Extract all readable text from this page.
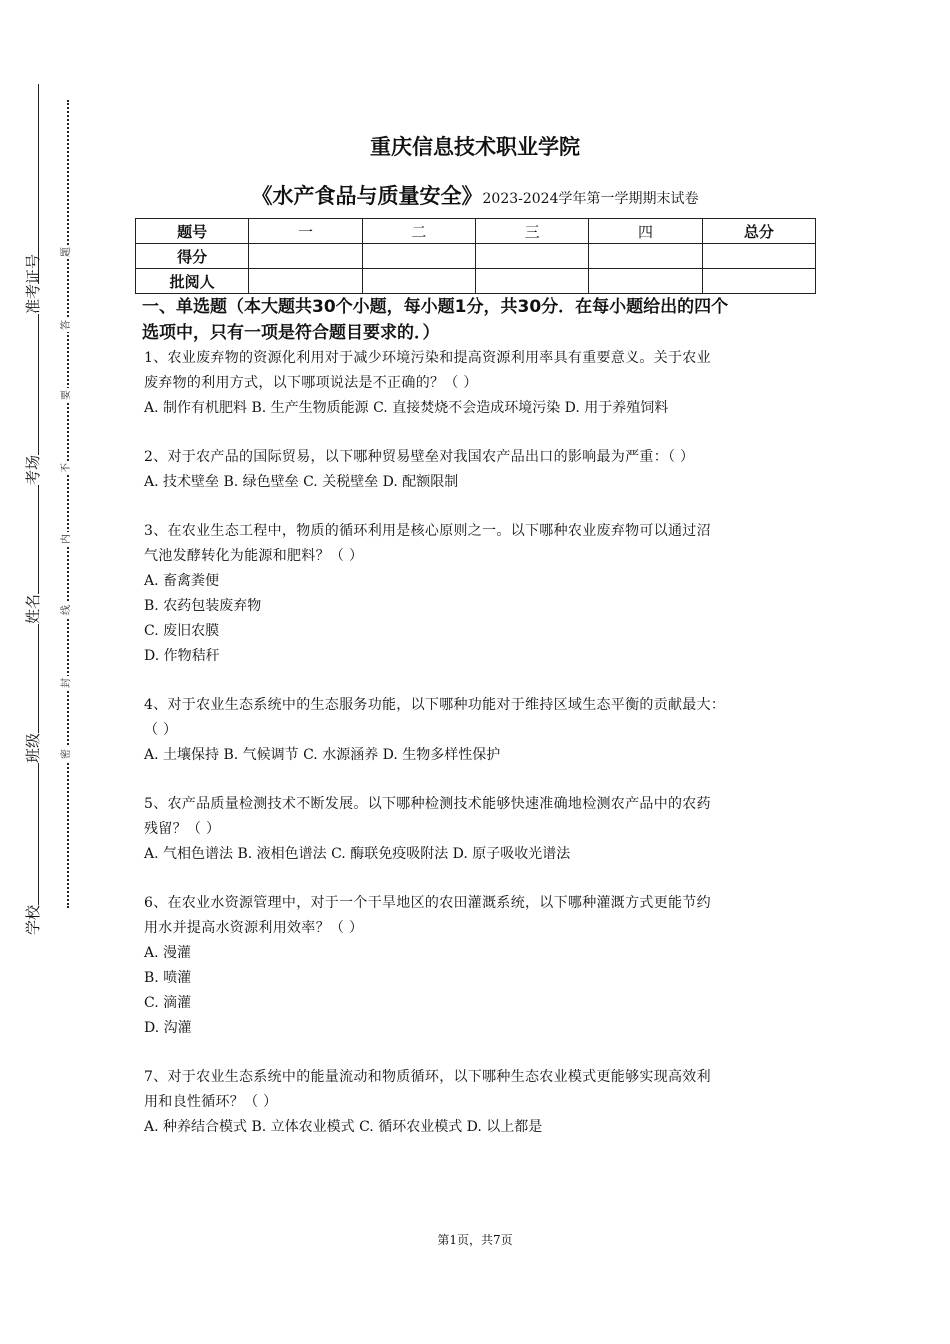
准考证号
考场
姓名
班级
学校
题
答
要
不
内
线
封
密
重庆信息技术职业学院
《水产食品与质量安全》2023-2024学年第一学期期末试卷
题号	一	二	三	四	总分
得分					
批阅人					
一、单选题（本大题共30个小题，每小题1分，共30分．在每小题给出的四个
选项中，只有一项是符合题目要求的．）
1、农业废弃物的资源化利用对于减少环境污染和提高资源利用率具有重要意义。关于农业
废弃物的利用方式，以下哪项说法是不正确的？（ ）
A. 制作有机肥料 B. 生产生物质能源 C. 直接焚烧不会造成环境污染 D. 用于养殖饲料
2、对于农产品的国际贸易，以下哪种贸易壁垒对我国农产品出口的影响最为严重：（ ）
A. 技术壁垒 B. 绿色壁垒 C. 关税壁垒 D. 配额限制
3、在农业生态工程中，物质的循环利用是核心原则之一。以下哪种农业废弃物可以通过沼
气池发酵转化为能源和肥料？（ ）
A. 畜禽粪便
B. 农药包装废弃物
C. 废旧农膜
D. 作物秸秆
4、对于农业生态系统中的生态服务功能，以下哪种功能对于维持区域生态平衡的贡献最大：
（ ）
A. 土壤保持 B. 气候调节 C. 水源涵养 D. 生物多样性保护
5、农产品质量检测技术不断发展。以下哪种检测技术能够快速准确地检测农产品中的农药
残留？（ ）
A. 气相色谱法 B. 液相色谱法 C. 酶联免疫吸附法 D. 原子吸收光谱法
6、在农业水资源管理中，对于一个干旱地区的农田灌溉系统，以下哪种灌溉方式更能节约
用水并提高水资源利用效率？（ ）
A. 漫灌
B. 喷灌
C. 滴灌
D. 沟灌
7、对于农业生态系统中的能量流动和物质循环，以下哪种生态农业模式更能够实现高效利
用和良性循环？（ ）
A. 种养结合模式 B. 立体农业模式 C. 循环农业模式 D. 以上都是
第1页，共7页
